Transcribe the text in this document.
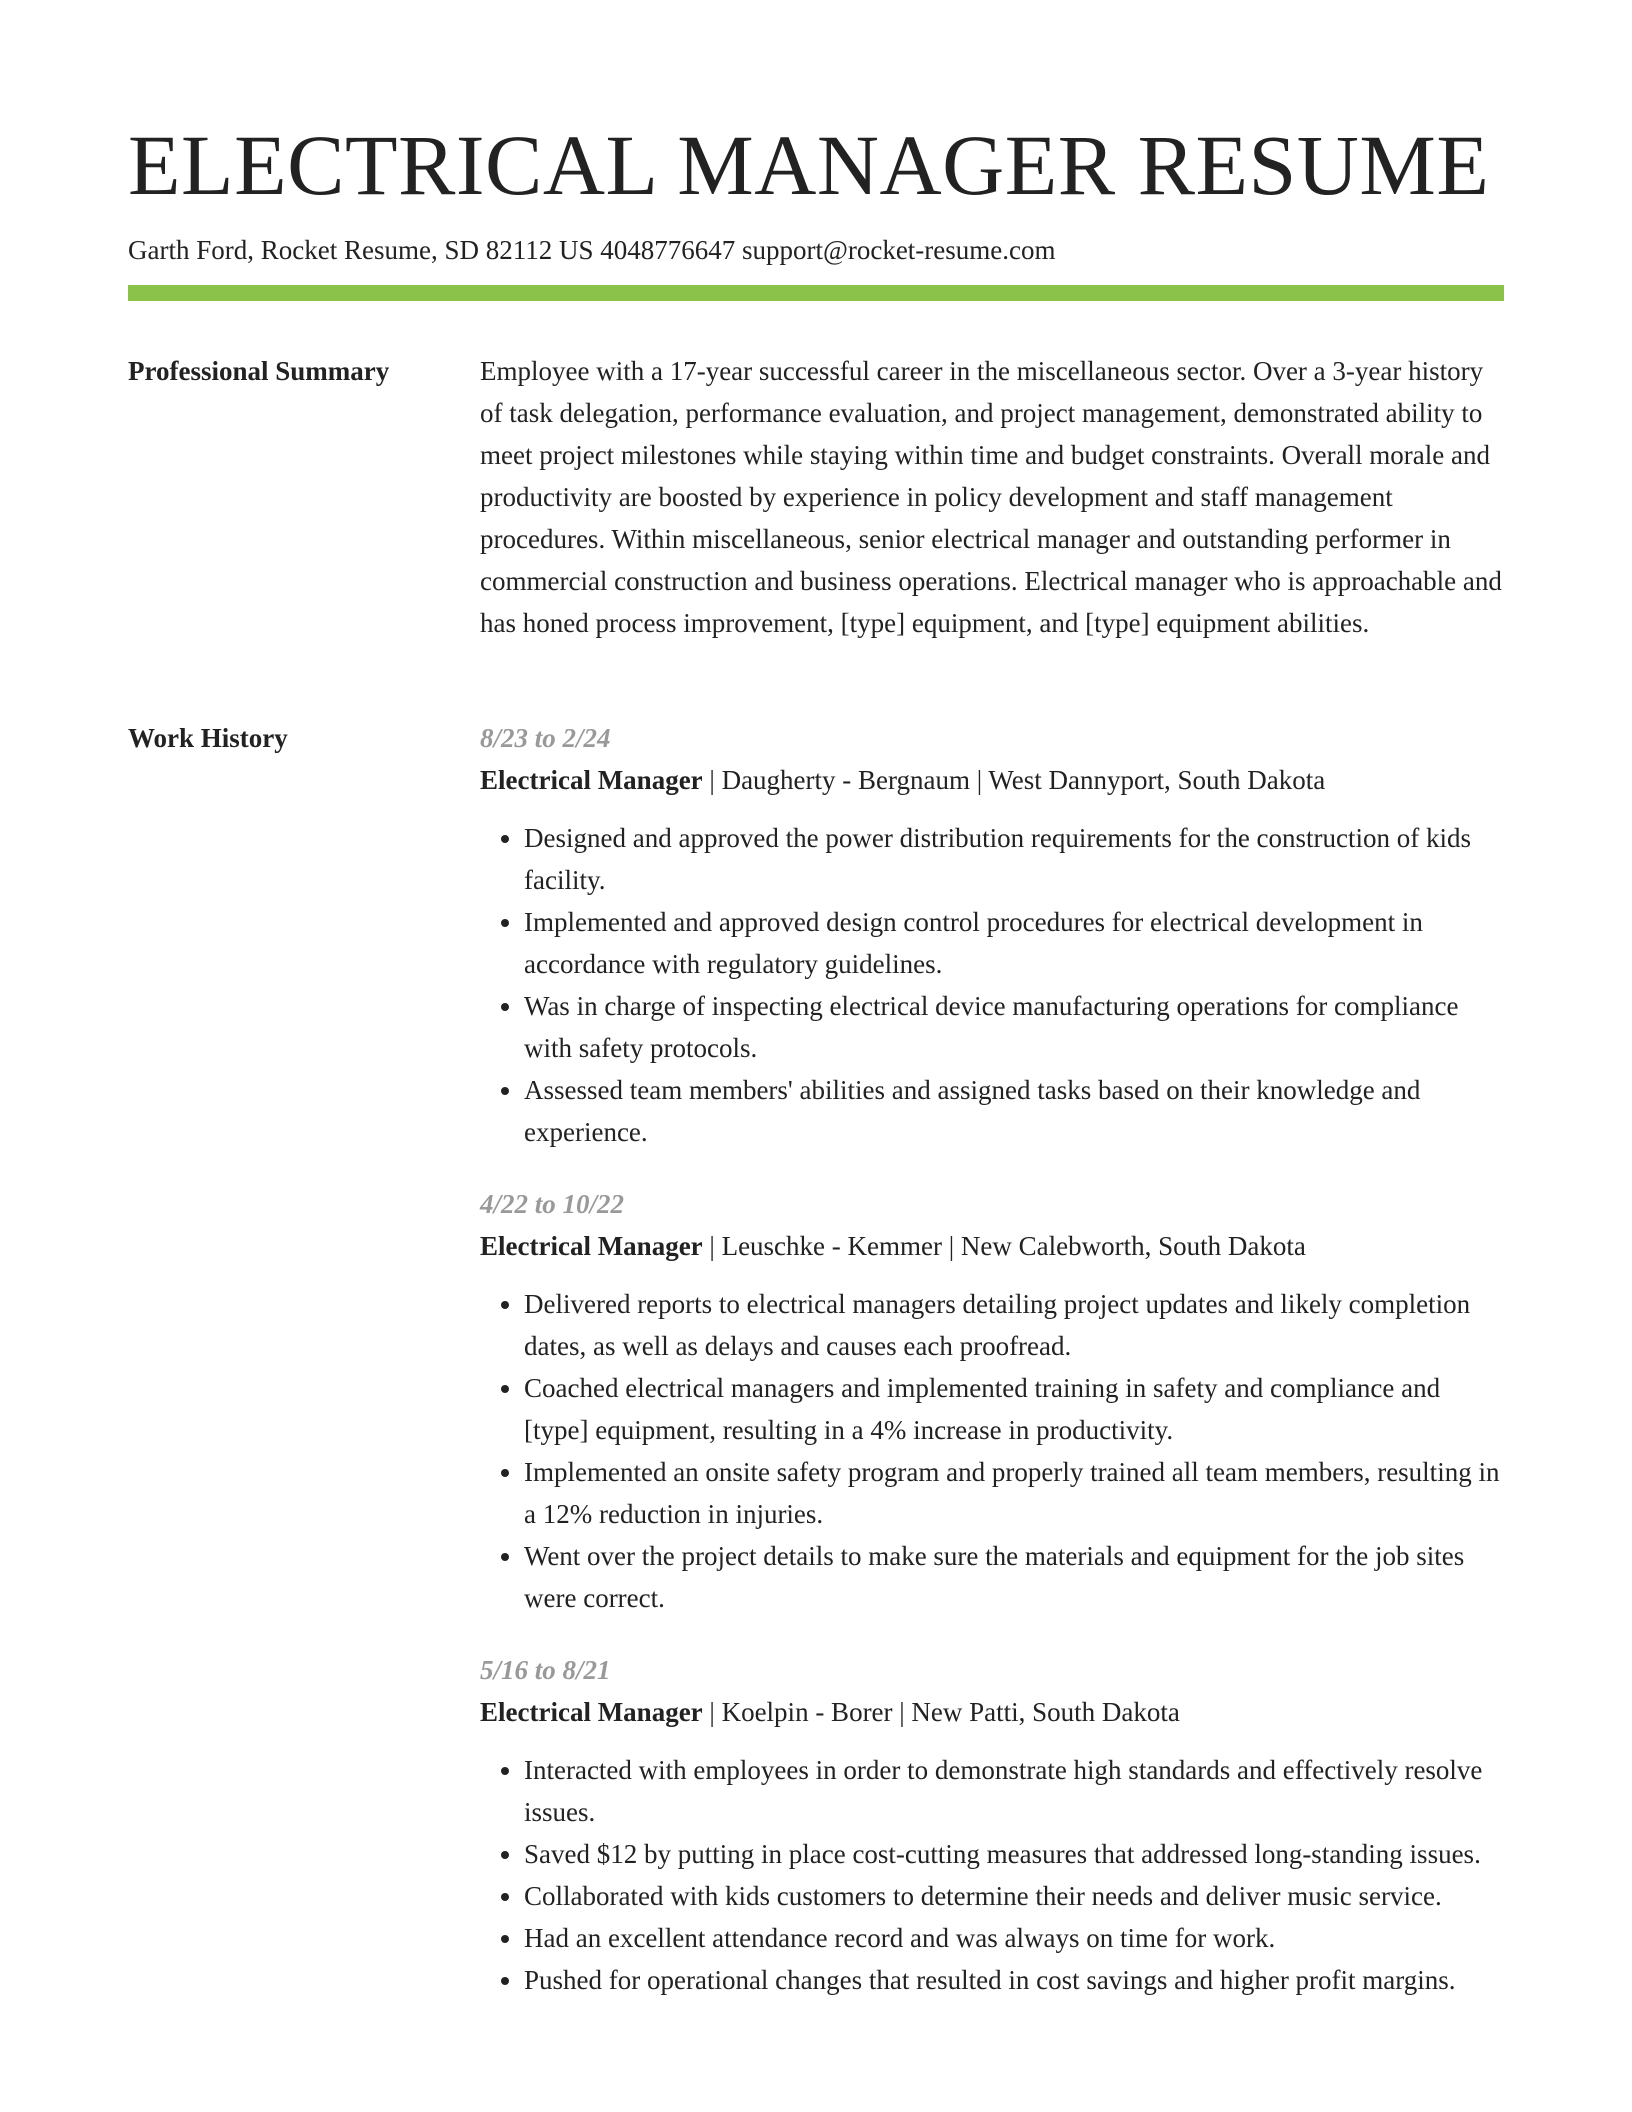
ELECTRICAL MANAGER RESUME
Garth Ford, Rocket Resume, SD 82112 US 4048776647 support@rocket-resume.com
Professional Summary	Employee with a 17-year successful career in the miscellaneous sector. Over a 3-year history of task delegation, performance evaluation, and project management, demonstrated ability to meet project milestones while staying within time and budget constraints. Overall morale and productivity are boosted by experience in policy development and staff management procedures. Within miscellaneous, senior electrical manager and outstanding performer in commercial construction and business operations. Electrical manager who is approachable and has honed process improvement, [type] equipment, and [type] equipment abilities.

Work History	8/23 to 2/24
Electrical Manager | Daugherty - Bergnaum | West Dannyport, South Dakota
• Designed and approved the power distribution requirements for the construction of kids facility.
• Implemented and approved design control procedures for electrical development in accordance with regulatory guidelines.
• Was in charge of inspecting electrical device manufacturing operations for compliance with safety protocols.
• Assessed team members' abilities and assigned tasks based on their knowledge and experience.
4/22 to 10/22
Electrical Manager | Leuschke - Kemmer | New Calebworth, South Dakota
• Delivered reports to electrical managers detailing project updates and likely completion dates, as well as delays and causes each proofread.
• Coached electrical managers and implemented training in safety and compliance and [type] equipment, resulting in a 4% increase in productivity.
• Implemented an onsite safety program and properly trained all team members, resulting in a 12% reduction in injuries.
• Went over the project details to make sure the materials and equipment for the job sites were correct.
5/16 to 8/21
Electrical Manager | Koelpin - Borer | New Patti, South Dakota
• Interacted with employees in order to demonstrate high standards and effectively resolve issues.
• Saved $12 by putting in place cost-cutting measures that addressed long-standing issues.
• Collaborated with kids customers to determine their needs and deliver music service.
• Had an excellent attendance record and was always on time for work.
• Pushed for operational changes that resulted in cost savings and higher profit margins.
